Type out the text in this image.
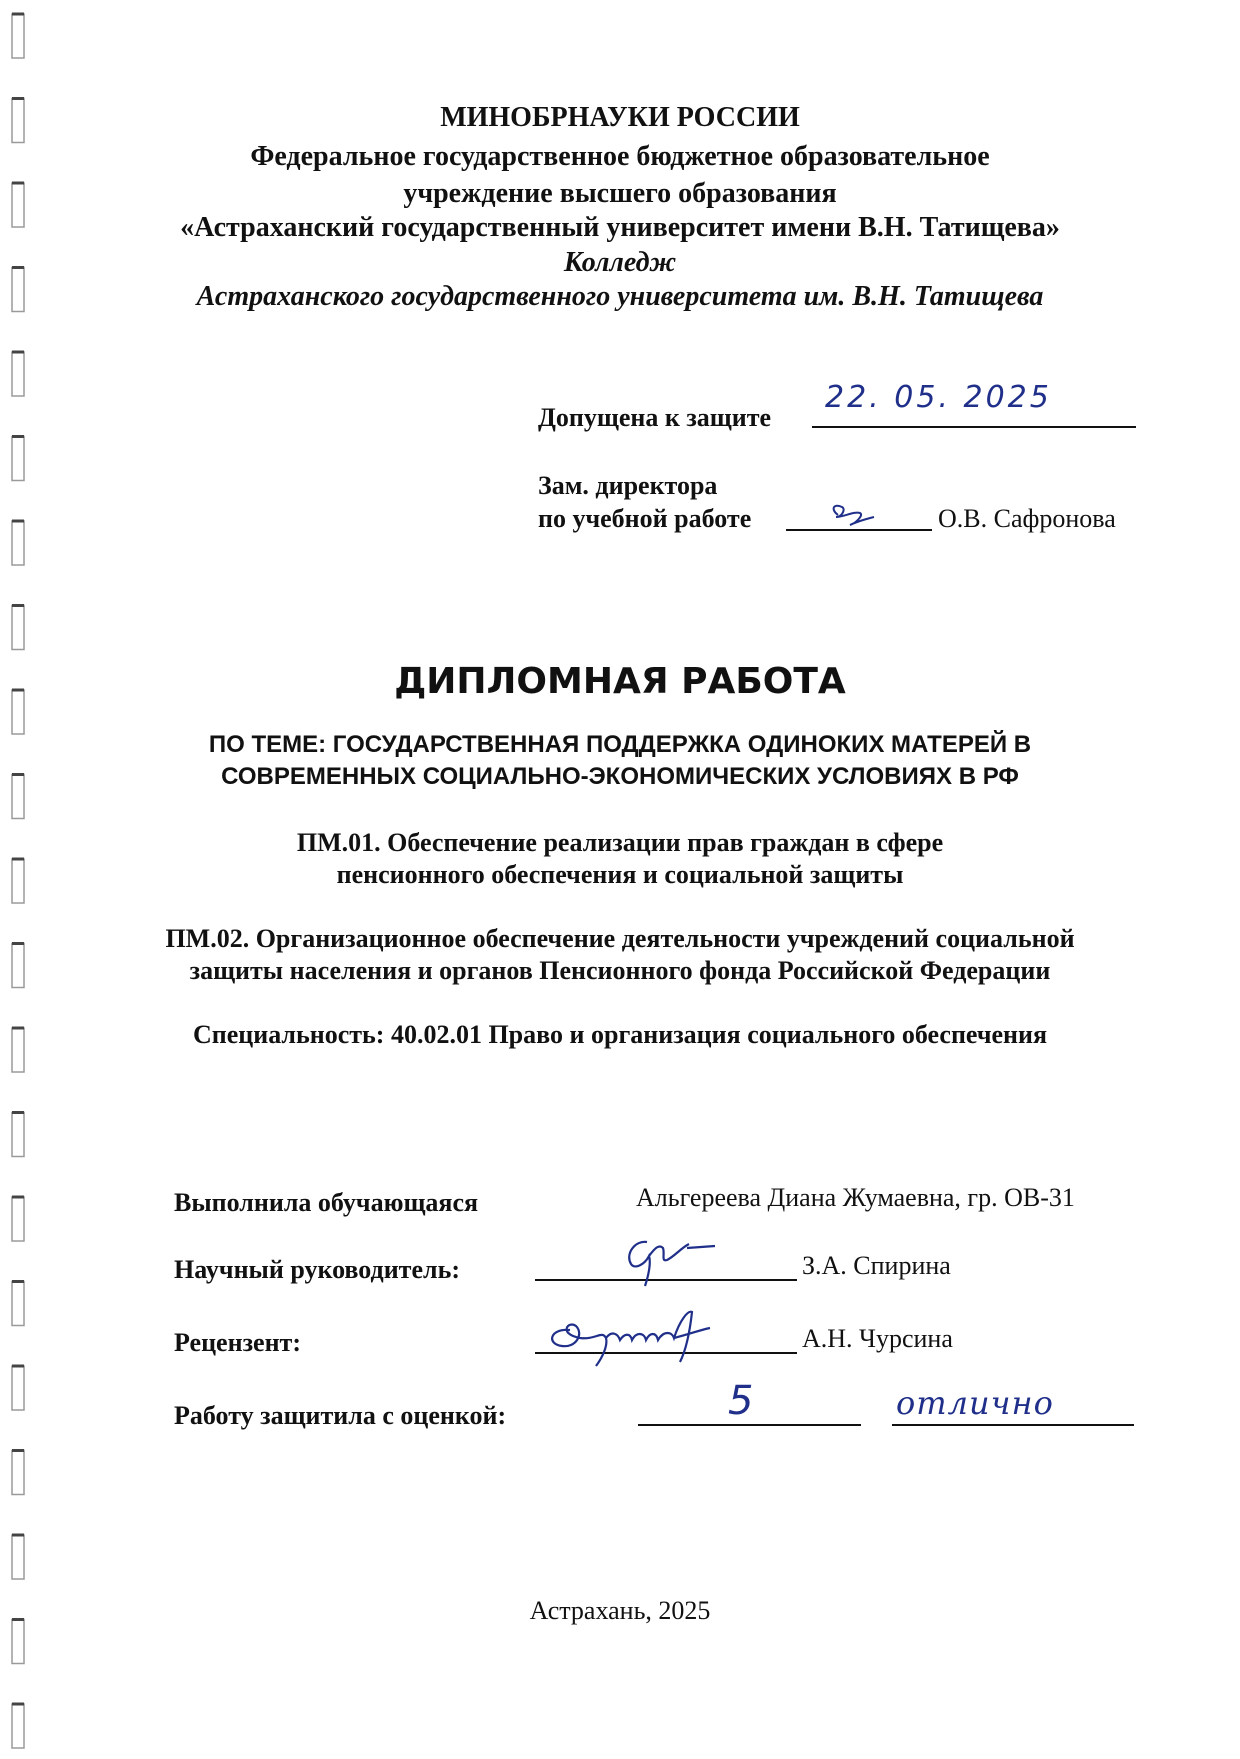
МИНОБРНАУКИ РОССИИ
Федеральное государственное бюджетное образовательное
учреждение высшего образования
«Астраханский государственный университет имени В.Н. Татищева»
Колледж
Астраханского государственного университета им. В.Н. Татищева
Допущена к защите
22. 05. 2025
Зам. директора
по учебной работе	О.В. Сафронова
ДИПЛОМНАЯ РАБОТА
ПО ТЕМЕ: ГОСУДАРСТВЕННАЯ ПОДДЕРЖКА ОДИНОКИХ МАТЕРЕЙ В
СОВРЕМЕННЫХ СОЦИАЛЬНО-ЭКОНОМИЧЕСКИХ УСЛОВИЯХ В РФ
ПМ.01. Обеспечение реализации прав граждан в сфере
пенсионного обеспечения и социальной защиты
ПМ.02. Организационное обеспечение деятельности учреждений социальной
защиты населения и органов Пенсионного фонда Российской Федерации
Специальность: 40.02.01 Право и организация социального обеспечения
Выполнила обучающаяся	Альгереева Диана Жумаевна, гр. ОВ-31
Научный руководитель:	З.А. Спирина
Рецензент:	А.Н. Чурсина
Работу защитила с оценкой:	5	отлично
Астрахань, 2025
